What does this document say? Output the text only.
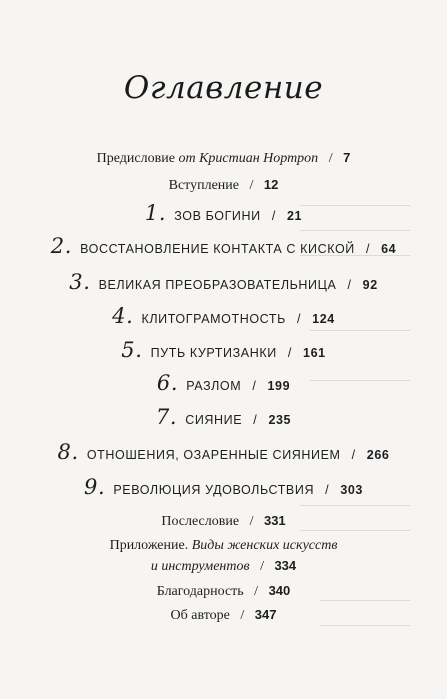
Оглавление
Предисловие от Кристиан Нортроп / 7
Вступление / 12
1. ЗОВ БОГИНИ / 21
2. ВОССТАНОВЛЕНИЕ КОНТАКТА С КИСКОЙ / 64
3. ВЕЛИКАЯ ПРЕОБРАЗОВАТЕЛЬНИЦА / 92
4. КЛИТОГРАМОТНОСТЬ / 124
5. ПУТЬ КУРТИЗАНКИ / 161
6. РАЗЛОМ / 199
7. СИЯНИЕ / 235
8. ОТНОШЕНИЯ, ОЗАРЕННЫЕ СИЯНИЕМ / 266
9. РЕВОЛЮЦИЯ УДОВОЛЬСТВИЯ / 303
Послесловие / 331
Приложение. Виды женских искусств
и инструментов / 334
Благодарность / 340
Об авторе / 347
